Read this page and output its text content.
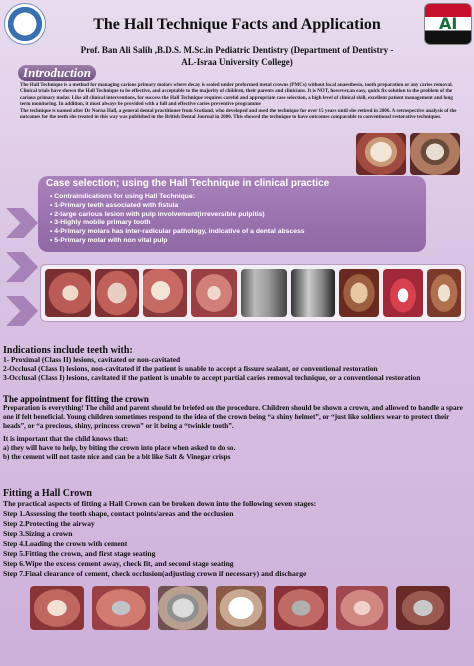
AI
The Hall Technique Facts and Application
Prof. Ban Ali Salih ,B.D.S. M.Sc.in Pediatric Dentistry (Department of Dentistry -
AL-Israa University College)
Introduction

The Hall Technique is a method for managing carious primary molars where decay is sealed under preformed metal crowns (PMCs) without local anaesthesia, tooth preparation or any caries removal. Clinical trials have shown the Hall Technique to be effective, and acceptable to the majority of children, their parents and clinicians. It is NOT, however,an easy, quick fix solution to the problem of the carious primary molar. Like all clinical interventions, for success the Hall Technique requires careful and appropriate case selection, a high level of clinical skill, excellent patient management and long term monitoring. In addition, it must always be provided with a full and effective caries preventive programme

The technique is named after Dr Norna Hall, a general dental practitioner from Scotland, who developed and used the technique for over 15 years until she retired in 2006. A retrospective analysis of the outcomes for the teeth she treated in this way was published in the British Dental Journal in 2006. This showed the technique to have outcomes comparable to conventional restorative techniques.

Case selection; using the Hall Technique in clinical practice
• Contraindications for using Hall Technique:
• 1-Primary teeth associated with fistula
• 2-large carious lesion with pulp involvement(irreversible pulpitis)
• 3-Highly mobile primary tooth
• 4-Primary molars has inter-radicular pathology, indicative of a dental abscess
• 5-Primary molar with non vital pulp

Indications include teeth with:

1- Proximal (Class II) lesions, cavitated or non-cavitated

2-Occlusal (Class I) lesions, non-cavitated if the patient is unable to accept a fissure sealant, or conventional restoration

3-Occlusal (Class I) lesions, cavitated if the patient is unable to accept partial caries removal technique, or a conventional restoration

The appointment for fitting the crown

Preparation is everything! The child and parent should be briefed on the procedure. Children should be shown a crown, and allowed to handle a spare one if felt beneficial. Young children sometimes respond to the idea of the crown being “a shiny helmet”, or “just like soldiers wear to protect their heads”, or “a precious, shiny, princess crown” or it being a “twinkle tooth”.

It is important that the child knows that:

a) they will have to help, by biting the crown into place when asked to do so.

b) the cement will not taste nice and can be a bit like Salt & Vinegar crisps

Fitting a Hall Crown

The practical aspects of fitting a Hall Crown can be broken down into the following seven stages:

Step 1.Assessing the tooth shape, contact points/areas and the occlusion

Step 2.Protecting the airway

Step 3.Sizing a crown

Step 4.Loading the crown with cement

Step 5.Fitting the crown, and first stage seating

Step 6.Wipe the excess cement away, check fit, and second stage seating

Step 7.Final clearance of cement, check occlusion(adjusting crown if necessary) and discharge
